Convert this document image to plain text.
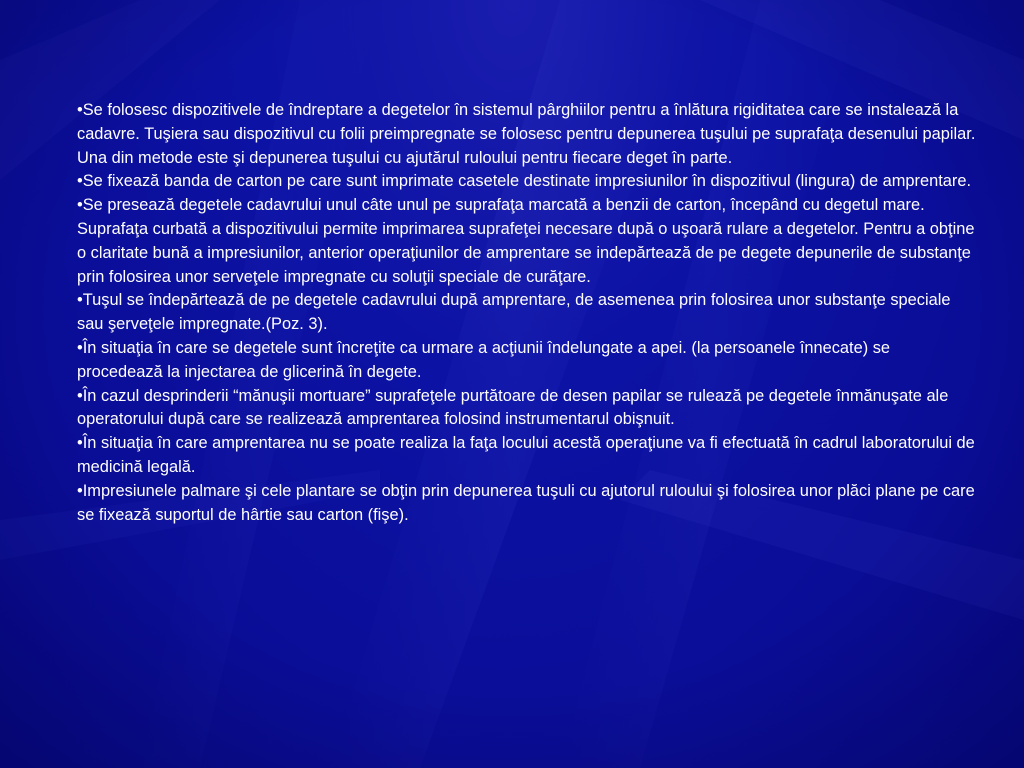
•Se folosesc dispozitivele de îndreptare a degetelor în sistemul pârghiilor pentru a înlătura rigiditatea care se instalează la cadavre. Tuşiera sau dispozitivul cu folii preimpregnate se folosesc pentru depunerea tuşului pe suprafaţa desenului papilar. Una din metode este şi depunerea tuşului cu ajutărul ruloului pentru fiecare deget în parte.

•Se fixează banda de carton pe care sunt imprimate casetele destinate impresiunilor în dispozitivul (lingura) de amprentare.

•Se presează degetele cadavrului unul câte unul pe suprafaţa marcată a benzii de carton, începând cu degetul mare. Suprafaţa curbată a dispozitivului permite imprimarea suprafeţei necesare după o uşoară rulare a degetelor. Pentru a obţine o claritate bună a impresiunilor, anterior operaţiunilor de amprentare se indepărtează de pe degete depunerile de substanţe prin folosirea unor serveţele impregnate cu soluţii speciale de curăţare.

•Tuşul se îndepărtează de pe degetele cadavrului după amprentare, de asemenea prin folosirea unor substanţe speciale sau şerveţele impregnate.(Poz. 3).

•În situaţia în care se degetele sunt încreţite ca urmare a acţiunii îndelungate a apei. (la persoanele înnecate) se procedează la injectarea de glicerină în degete.

•În cazul desprinderii “mănuşii mortuare” suprafeţele purtătoare de desen papilar se rulează pe degetele înmănuşate ale operatorului după care se realizează amprentarea folosind instrumentarul obişnuit.

•În situaţia în care amprentarea nu se poate realiza la faţa locului acestă operaţiune va fi efectuată în cadrul laboratorului de medicină legală.

•Impresiunele palmare şi cele plantare se obţin prin depunerea tuşuli cu ajutorul ruloului şi folosirea unor plăci plane pe care se fixează suportul de hârtie sau carton (fişe).
